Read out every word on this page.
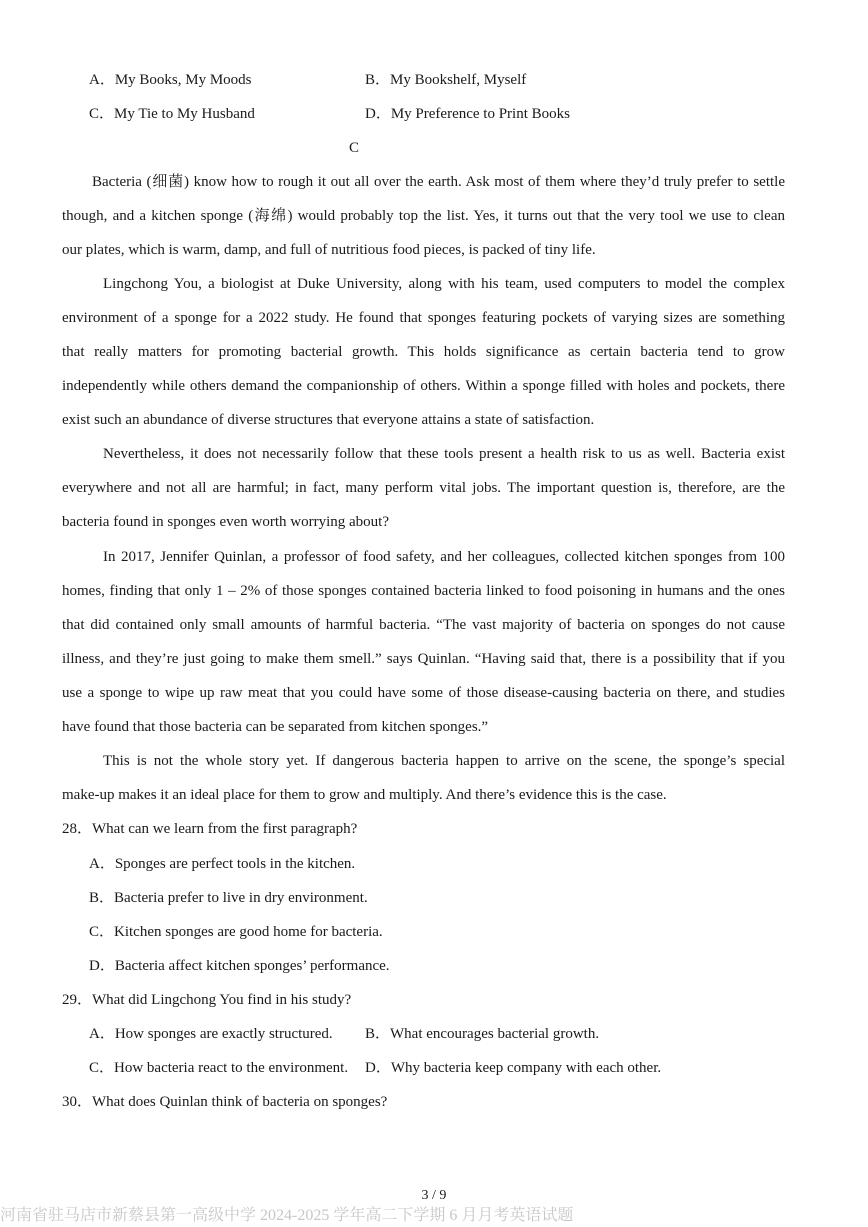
A．My Books, My Moods	B．My Bookshelf, Myself
C．My Tie to My Husband	D．My Preference to Print Books
C
Bacteria (细菌) know how to rough it out all over the earth. Ask most of them where they’d truly prefer to settle
though, and a kitchen sponge (海绵) would probably top the list. Yes, it turns out that the very tool we use to clean
our plates, which is warm, damp, and full of nutritious food pieces, is packed of tiny life.
Lingchong You, a biologist at Duke University, along with his team, used computers to model the complex
environment of a sponge for a 2022 study. He found that sponges featuring pockets of varying sizes are something
that really matters for promoting bacterial growth. This holds significance as certain bacteria tend to grow
independently while others demand the companionship of others. Within a sponge filled with holes and pockets, there
exist such an abundance of diverse structures that everyone attains a state of satisfaction.
Nevertheless, it does not necessarily follow that these tools present a health risk to us as well. Bacteria exist
everywhere and not all are harmful; in fact, many perform vital jobs. The important question is, therefore, are the
bacteria found in sponges even worth worrying about?
In 2017, Jennifer Quinlan, a professor of food safety, and her colleagues, collected kitchen sponges from 100
homes, finding that only 1 – 2% of those sponges contained bacteria linked to food poisoning in humans and the ones
that did contained only small amounts of harmful bacteria. “The vast majority of bacteria on sponges do not cause
illness, and they’re just going to make them smell.” says Quinlan. “Having said that, there is a possibility that if you
use a sponge to wipe up raw meat that you could have some of those disease-causing bacteria on there, and studies
have found that those bacteria can be separated from kitchen sponges.”
This is not the whole story yet. If dangerous bacteria happen to arrive on the scene, the sponge’s special
make-up makes it an ideal place for them to grow and multiply. And there’s evidence this is the case.
28．What can we learn from the first paragraph?
A．Sponges are perfect tools in the kitchen.
B．Bacteria prefer to live in dry environment.
C．Kitchen sponges are good home for bacteria.
D．Bacteria affect kitchen sponges’ performance.
29．What did Lingchong You find in his study?
A．How sponges are exactly structured. B．What encourages bacterial growth.
C．How bacteria react to the environment. D．Why bacteria keep company with each other.
30．What does Quinlan think of bacteria on sponges?
3 / 9
河南省驻马店市新蔡县第一高级中学 2024-2025 学年高二下学期 6 月月考英语试题
